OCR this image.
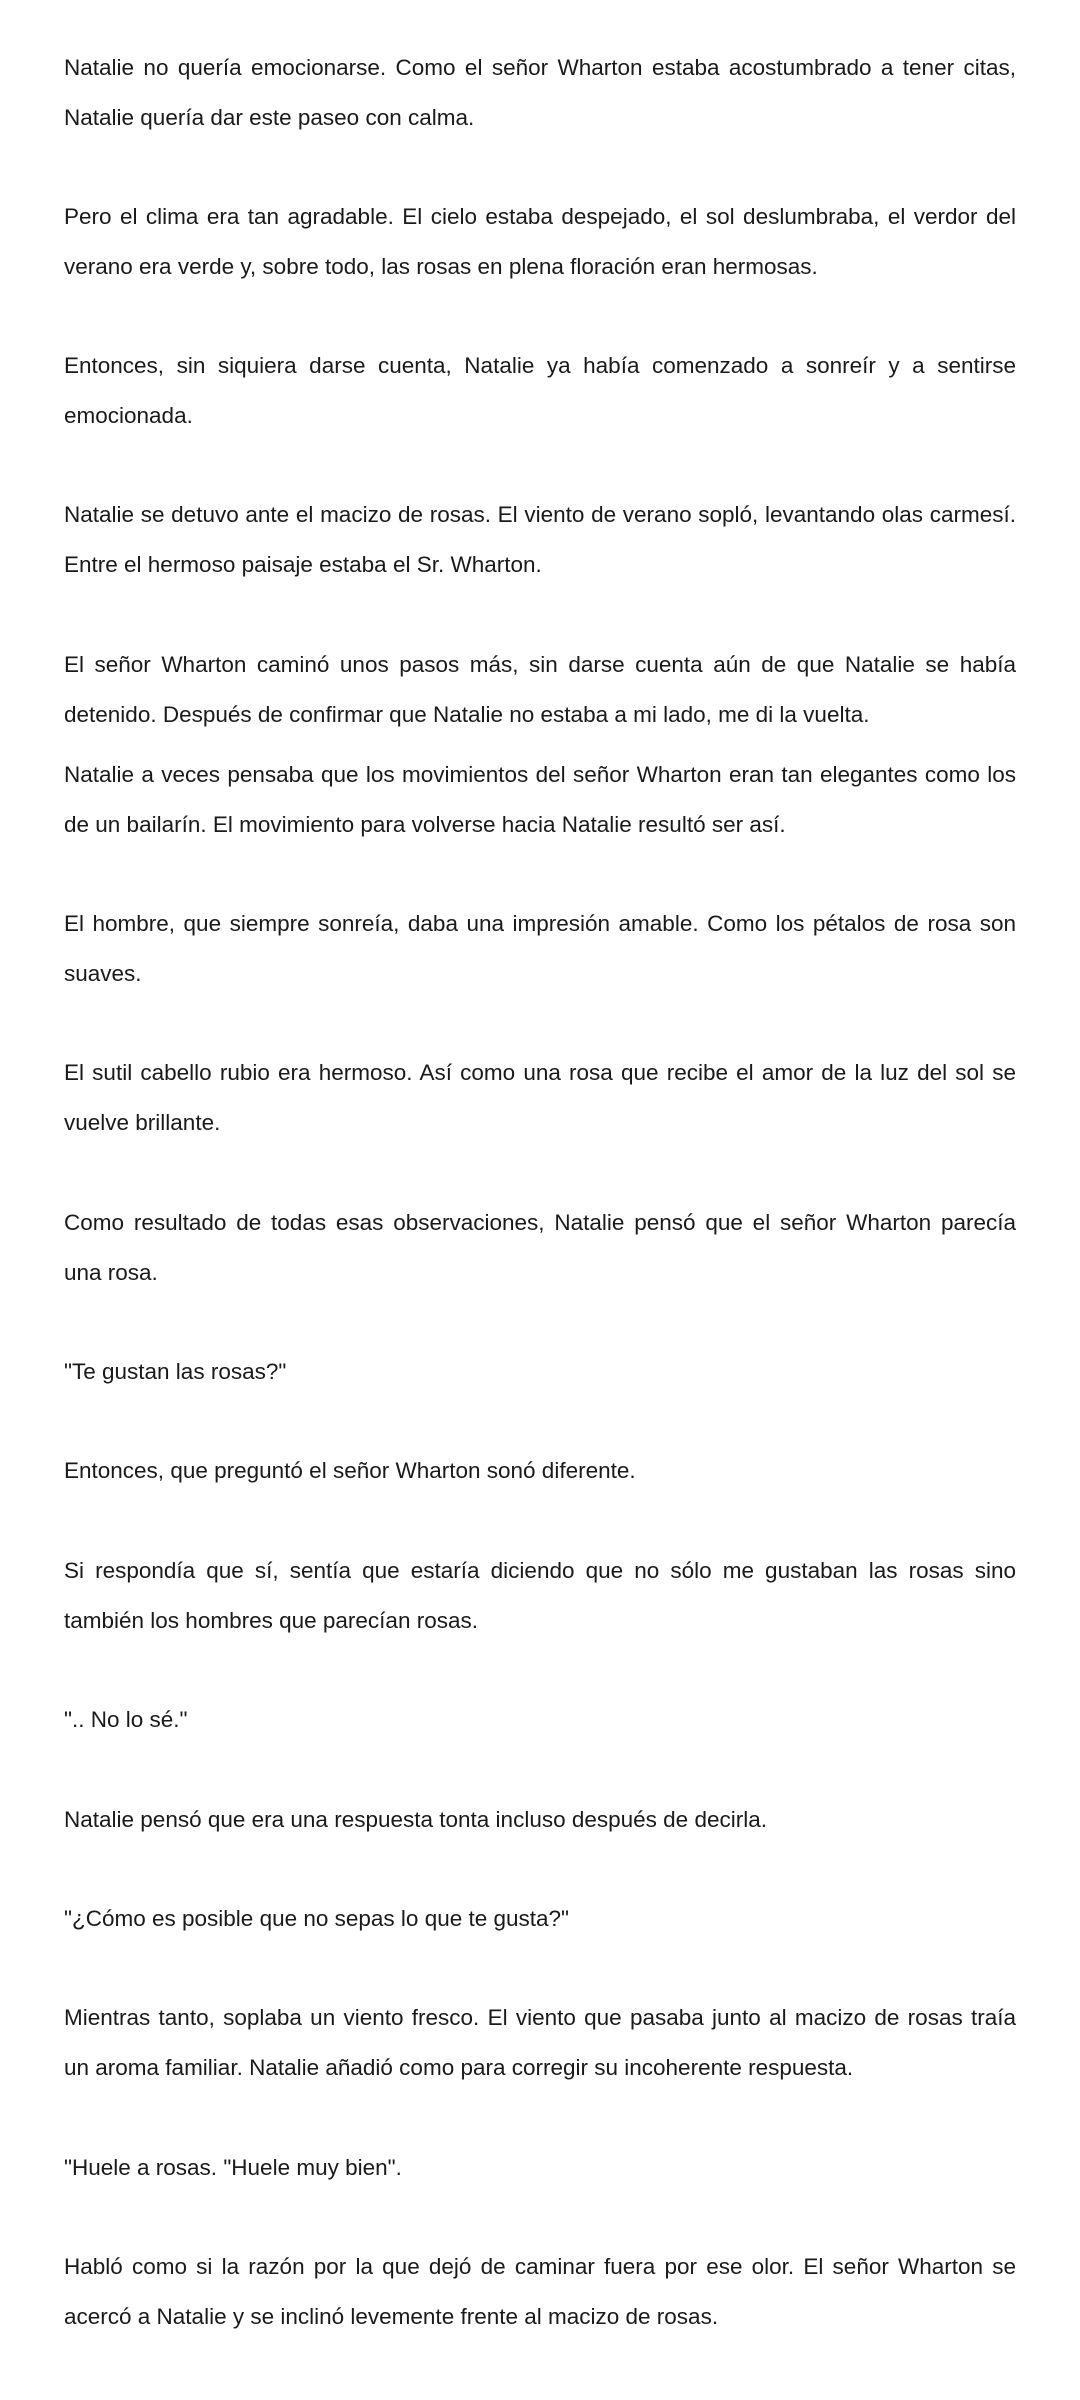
Natalie no quería emocionarse. Como el señor Wharton estaba acostumbrado a tener citas, Natalie quería dar este paseo con calma.

Pero el clima era tan agradable. El cielo estaba despejado, el sol deslumbraba, el verdor del verano era verde y, sobre todo, las rosas en plena floración eran hermosas.

Entonces, sin siquiera darse cuenta, Natalie ya había comenzado a sonreír y a sentirse emocionada.

Natalie se detuvo ante el macizo de rosas. El viento de verano sopló, levantando olas carmesí. Entre el hermoso paisaje estaba el Sr. Wharton.

El señor Wharton caminó unos pasos más, sin darse cuenta aún de que Natalie se había detenido. Después de confirmar que Natalie no estaba a mi lado, me di la vuelta.

Natalie a veces pensaba que los movimientos del señor Wharton eran tan elegantes como los de un bailarín. El movimiento para volverse hacia Natalie resultó ser así.

El hombre, que siempre sonreía, daba una impresión amable. Como los pétalos de rosa son suaves.

El sutil cabello rubio era hermoso. Así como una rosa que recibe el amor de la luz del sol se vuelve brillante.

Como resultado de todas esas observaciones, Natalie pensó que el señor Wharton parecía una rosa.

"Te gustan las rosas?"

Entonces, que preguntó el señor Wharton sonó diferente.

Si respondía que sí, sentía que estaría diciendo que no sólo me gustaban las rosas sino también los hombres que parecían rosas.

".. No lo sé."

Natalie pensó que era una respuesta tonta incluso después de decirla.

"¿Cómo es posible que no sepas lo que te gusta?"

Mientras tanto, soplaba un viento fresco. El viento que pasaba junto al macizo de rosas traía un aroma familiar. Natalie añadió como para corregir su incoherente respuesta.

"Huele a rosas. "Huele muy bien".

Habló como si la razón por la que dejó de caminar fuera por ese olor. El señor Wharton se acercó a Natalie y se inclinó levemente frente al macizo de rosas.
